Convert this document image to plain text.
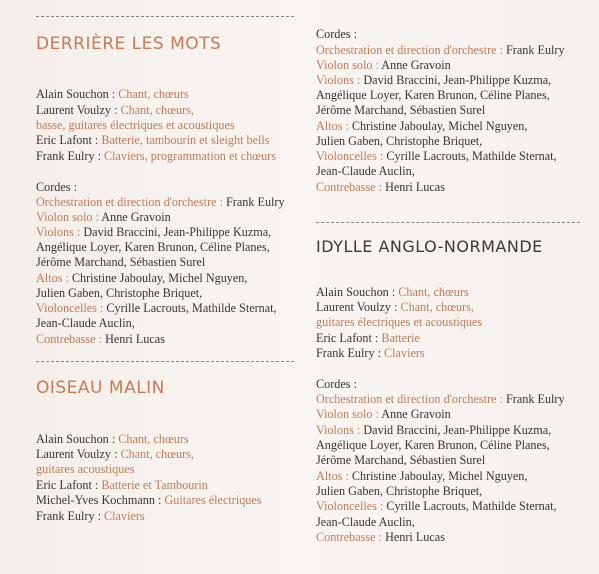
DERRIÈRE LES MOTS
Alain Souchon : Chant, chœurs
Laurent Voulzy : Chant, chœurs,
basse, guitares électriques et acoustiques
Eric Lafont : Batterie, tambourin et sleight bells
Frank Eulry : Claviers, programmation et chœurs
Cordes :
Orchestration et direction d'orchestre : Frank Eulry
Violon solo : Anne Gravoin
Violons : David Braccini, Jean-Philippe Kuzma,
Angélique Loyer, Karen Brunon, Céline Planes,
Jérôme Marchand, Sébastien Surel
Altos : Christine Jaboulay, Michel Nguyen,
Julien Gaben, Christophe Briquet,
Violoncelles : Cyrille Lacrouts, Mathilde Sternat,
Jean-Claude Auclin,
Contrebasse : Henri Lucas
OISEAU MALIN
Alain Souchon : Chant, chœurs
Laurent Voulzy : Chant, chœurs,
guitares acoustiques
Eric Lafont : Batterie et Tambourin
Michel-Yves Kochmann : Guitares électriques
Frank Eulry : Claviers
Cordes :
Orchestration et direction d'orchestre : Frank Eulry
Violon solo : Anne Gravoin
Violons : David Braccini, Jean-Philippe Kuzma,
Angélique Loyer, Karen Brunon, Céline Planes,
Jérôme Marchand, Sébastien Surel
Altos : Christine Jaboulay, Michel Nguyen,
Julien Gaben, Christophe Briquet,
Violoncelles : Cyrille Lacrouts, Mathilde Sternat,
Jean-Claude Auclin,
Contrebasse : Henri Lucas
IDYLLE ANGLO-NORMANDE
Alain Souchon : Chant, chœurs
Laurent Voulzy : Chant, chœurs,
guitares électriques et acoustiques
Eric Lafont : Batterie
Frank Eulry : Claviers
Cordes :
Orchestration et direction d'orchestre : Frank Eulry
Violon solo : Anne Gravoin
Violons : David Braccini, Jean-Philippe Kuzma,
Angélique Loyer, Karen Brunon, Céline Planes,
Jérôme Marchand, Sébastien Surel
Altos : Christine Jaboulay, Michel Nguyen,
Julien Gaben, Christophe Briquet,
Violoncelles : Cyrille Lacrouts, Mathilde Sternat,
Jean-Claude Auclin,
Contrebasse : Henri Lucas
